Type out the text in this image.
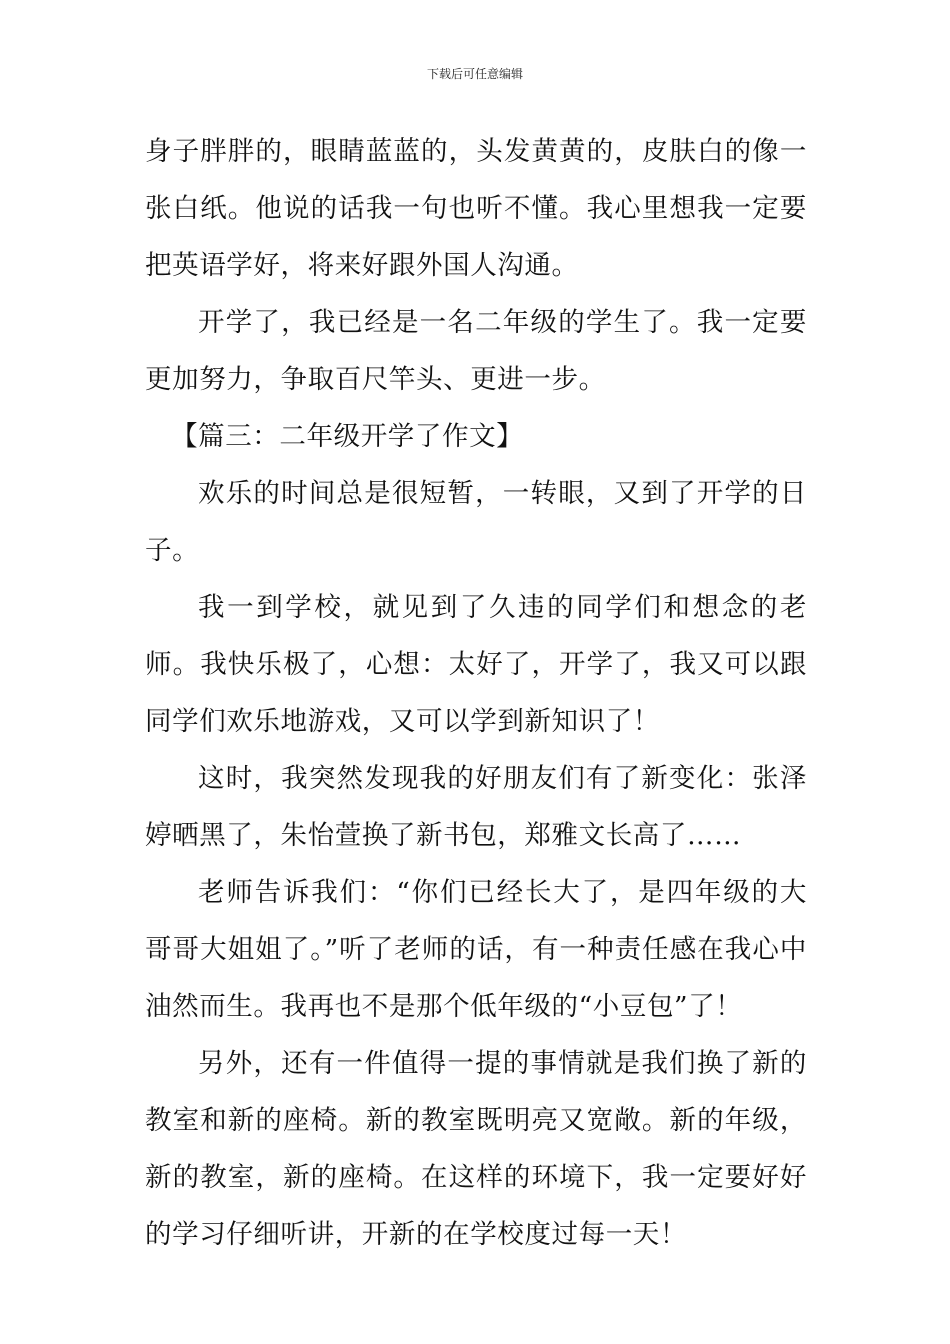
下载后可任意编辑

身子胖胖的，眼睛蓝蓝的，头发黄黄的，皮肤白的像一张白纸。他说的话我一句也听不懂。我心里想我一定要把英语学好，将来好跟外国人沟通。

开学了，我已经是一名二年级的学生了。我一定要更加努力，争取百尺竿头、更进一步。

【篇三：二年级开学了作文】

欢乐的时间总是很短暂，一转眼，又到了开学的日子。

我一到学校，就见到了久违的同学们和想念的老师。我快乐极了，心想：太好了，开学了，我又可以跟同学们欢乐地游戏，又可以学到新知识了！

这时，我突然发现我的好朋友们有了新变化：张泽婷晒黑了，朱怡萱换了新书包，郑雅文长高了……

老师告诉我们：“你们已经长大了，是四年级的大哥哥大姐姐了。”听了老师的话，有一种责任感在我心中油然而生。我再也不是那个低年级的“小豆包”了！

另外，还有一件值得一提的事情就是我们换了新的教室和新的座椅。新的教室既明亮又宽敞。新的年级，新的教室，新的座椅。在这样的环境下，我一定要好好的学习仔细听讲，开新的在学校度过每一天！
